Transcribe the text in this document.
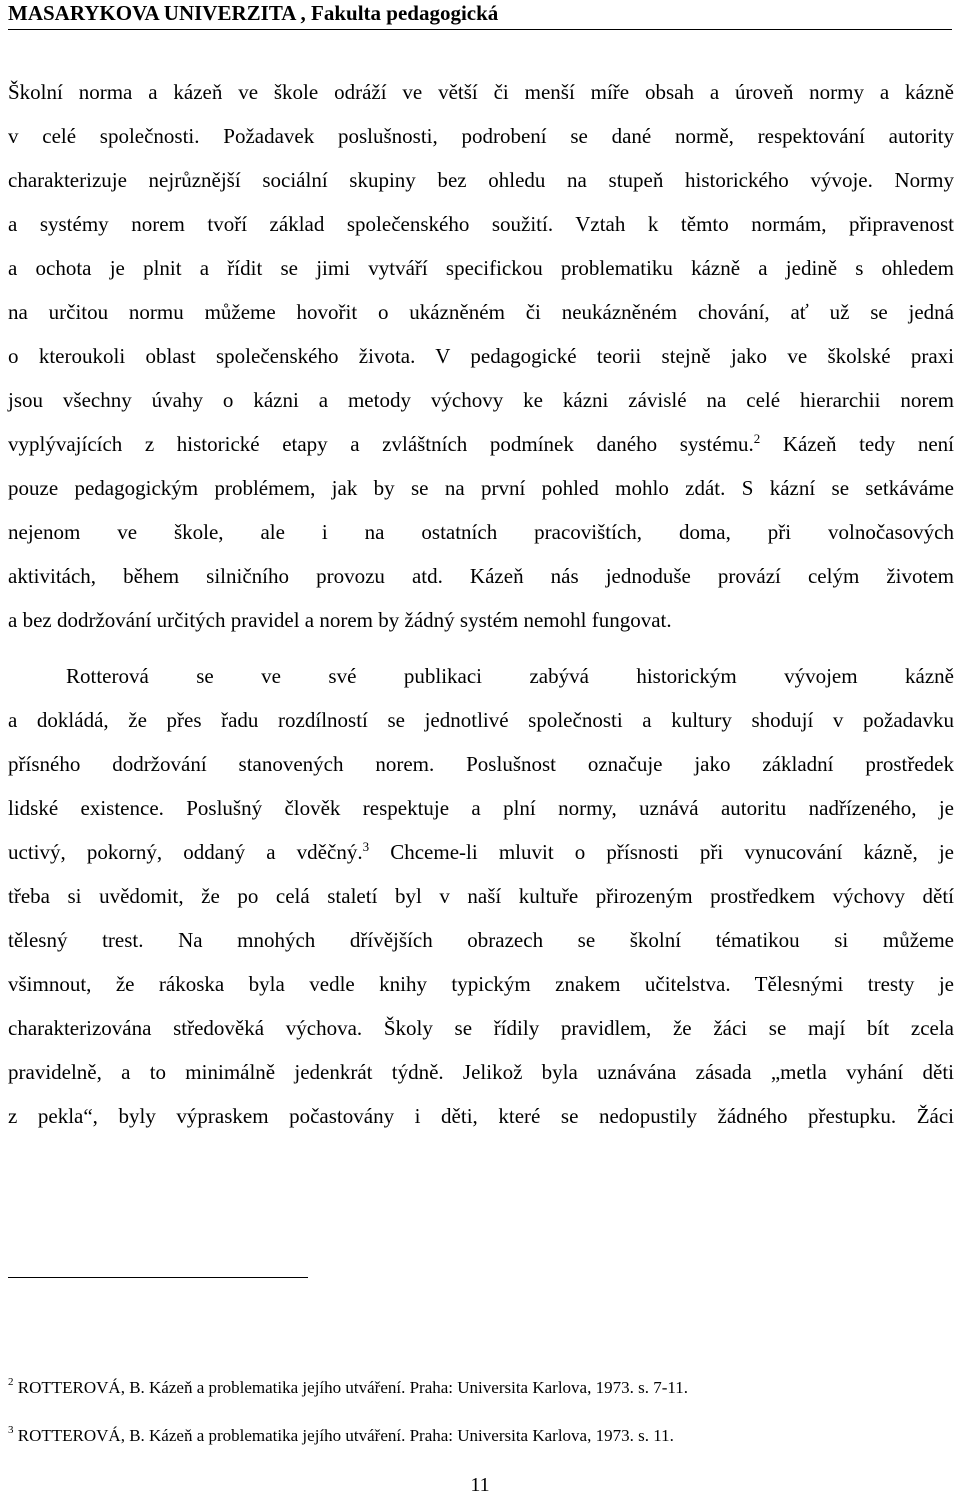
MASARYKOVA UNIVERZITA , Fakulta pedagogická

Školní norma a kázeň ve škole odráží ve větší či menší míře obsah a úroveň normy a kázně
v celé společnosti. Požadavek poslušnosti, podrobení se dané normě, respektování autority
charakterizuje nejrůznější sociální skupiny bez ohledu na stupeň historického vývoje. Normy
a systémy norem tvoří základ společenského soužití. Vztah k těmto normám, připravenost
a ochota je plnit a řídit se jimi vytváří specifickou problematiku kázně a jedině s ohledem
na určitou normu můžeme hovořit o ukázněném či neukázněném chování, ať už se jedná
o kteroukoli oblast společenského života. V pedagogické teorii stejně jako ve školské praxi
jsou všechny úvahy o kázni a metody výchovy ke kázni závislé na celé hierarchii norem
vyplývajících z historické etapy a zvláštních podmínek daného systému.$^2$ Kázeň tedy není
pouze pedagogickým problémem, jak by se na první pohled mohlo zdát. S kázní se setkáváme
nejenom ve škole, ale i na ostatních pracovištích, doma, při volnočasových
aktivitách, během silničního provozu atd. Kázeň nás jednoduše provází celým životem
a bez dodržování určitých pravidel a norem by žádný systém nemohl fungovat.

Rotterová se ve své publikaci zabývá historickým vývojem kázně
a dokládá, že přes řadu rozdílností se jednotlivé společnosti a kultury shodují v požadavku
přísného dodržování stanovených norem. Poslušnost označuje jako základní prostředek
lidské existence. Poslušný člověk respektuje a plní normy, uznává autoritu nadřízeného, je
uctivý, pokorný, oddaný a vděčný.$^3$ Chceme-li mluvit o přísnosti při vynucování kázně, je
třeba si uvědomit, že po celá staletí byl v naší kultuře přirozeným prostředkem výchovy dětí
tělesný trest. Na mnohých dřívějších obrazech se školní tématikou si můžeme
všimnout, že rákoska byla vedle knihy typickým znakem učitelstva. Tělesnými tresty je
charakterizována středověká výchova. Školy se řídily pravidlem, že žáci se mají bít zcela
pravidelně, a to minimálně jedenkrát týdně. Jelikož byla uznávána zásada „metla vyhání děti
z pekla“, byly výpraskem počastovány i děti, které se nedopustily žádného přestupku. Žáci

$^2$ ROTTEROVÁ, B. Kázeň a problematika jejího utváření. Praha: Universita Karlova, 1973. s. 7-11.
$^3$ ROTTEROVÁ, B. Kázeň a problematika jejího utváření. Praha: Universita Karlova, 1973. s. 11.
11
